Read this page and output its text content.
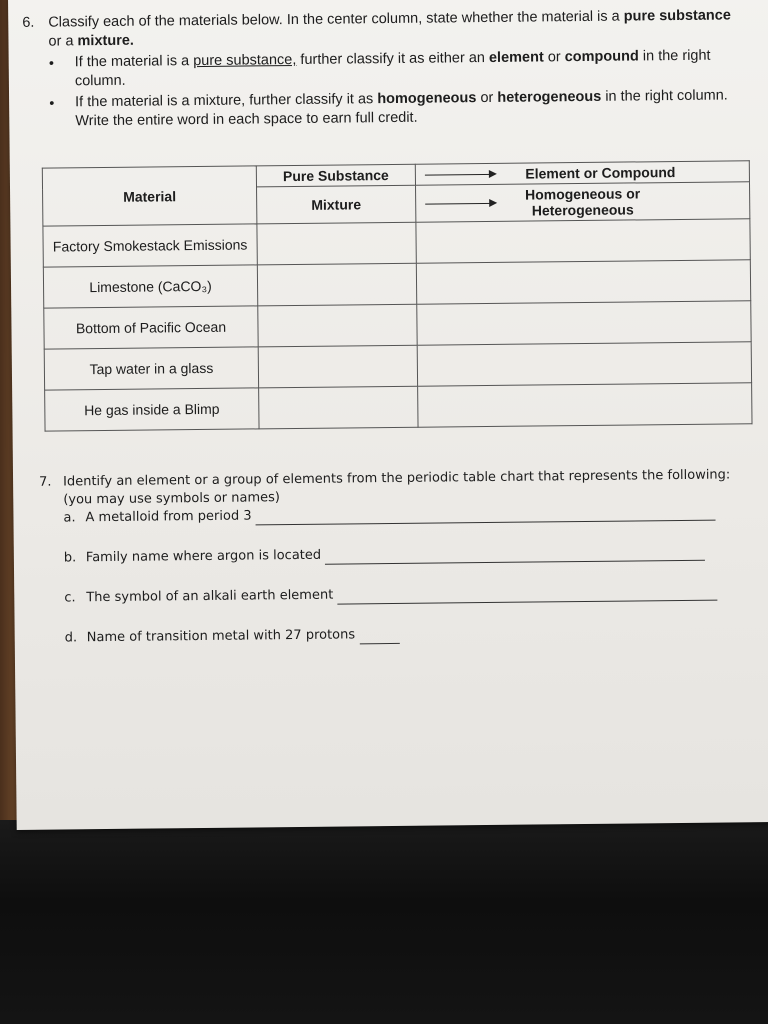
6. Classify each of the materials below. In the center column, state whether the material is a pure substance or a mixture.
● If the material is a pure substance, further classify it as either an element or compound in the right column.
● If the material is a mixture, further classify it as homogeneous or heterogeneous in the right column. Write the entire word in each space to earn full credit.
Material	Pure Substance	Element or Compound
	Mixture	Homogeneous or Heterogeneous
Factory Smokestack Emissions		
Limestone (CaCO₃)		
Bottom of Pacific Ocean		
Tap water in a glass		
He gas inside a Blimp		
7. Identify an element or a group of elements from the periodic table chart that represents the following: (you may use symbols or names)
a. A metalloid from period 3
b. Family name where argon is located
c. The symbol of an alkali earth element
d. Name of transition metal with 27 protons
